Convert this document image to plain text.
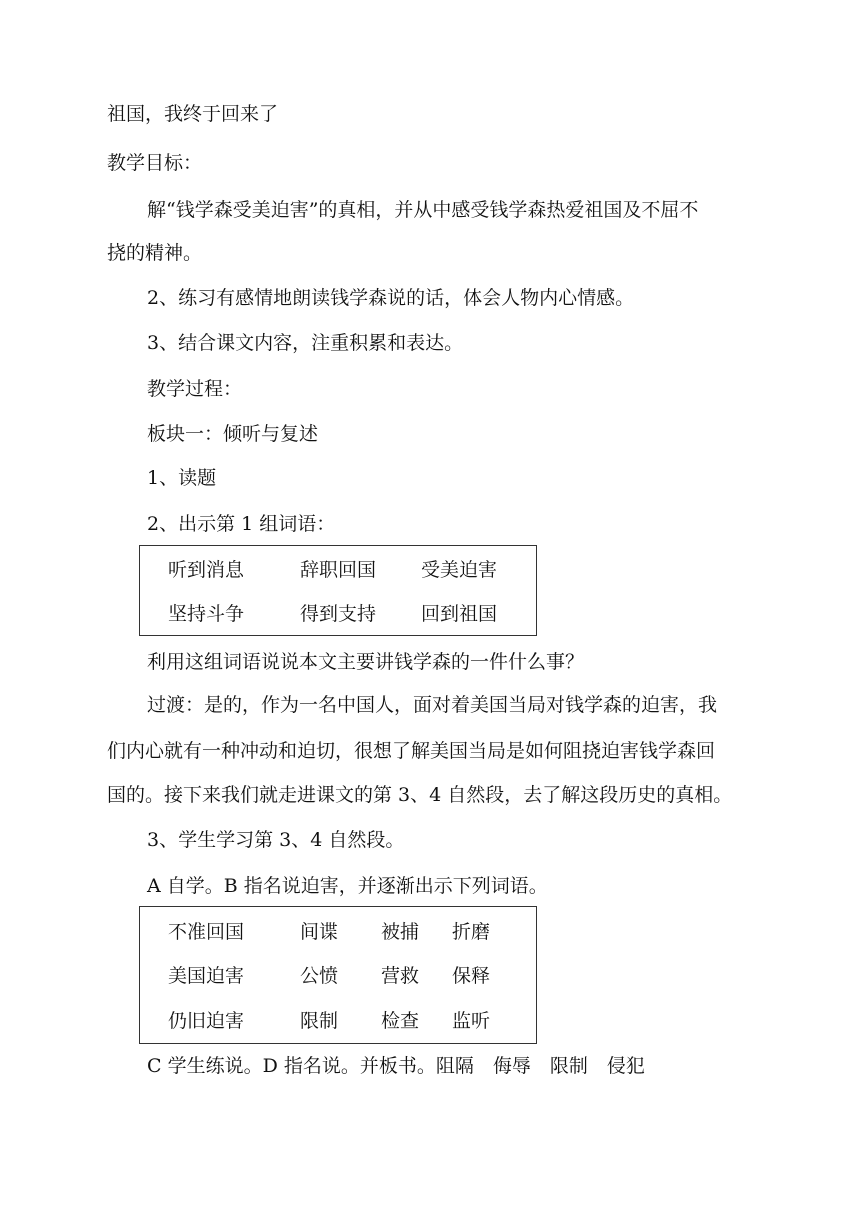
祖国，我终于回来了
教学目标：
解“钱学森受美迫害”的真相，并从中感受钱学森热爱祖国及不屈不
挠的精神。
2、练习有感情地朗读钱学森说的话，体会人物内心情感。
3、结合课文内容，注重积累和表达。
教学过程：
板块一：倾听与复述
1、读题
2、出示第 1 组词语：
听到消息	辞职回国 受美迫害
坚持斗争	得到支持 回到祖国
利用这组词语说说本文主要讲钱学森的一件什么事？
过渡：是的，作为一名中国人，面对着美国当局对钱学森的迫害，我
们内心就有一种冲动和迫切，很想了解美国当局是如何阻挠迫害钱学森回
国的。接下来我们就走进课文的第 3、4 自然段，去了解这段历史的真相。
3、学生学习第 3、4 自然段。
A 自学。B 指名说迫害，并逐渐出示下列词语。
不准回国	间谍 被捕 折磨
美国迫害	公愤 营救 保释
仍旧迫害	限制 检查 监听
C 学生练说。D 指名说。并板书。阻隔　侮辱　限制　侵犯
